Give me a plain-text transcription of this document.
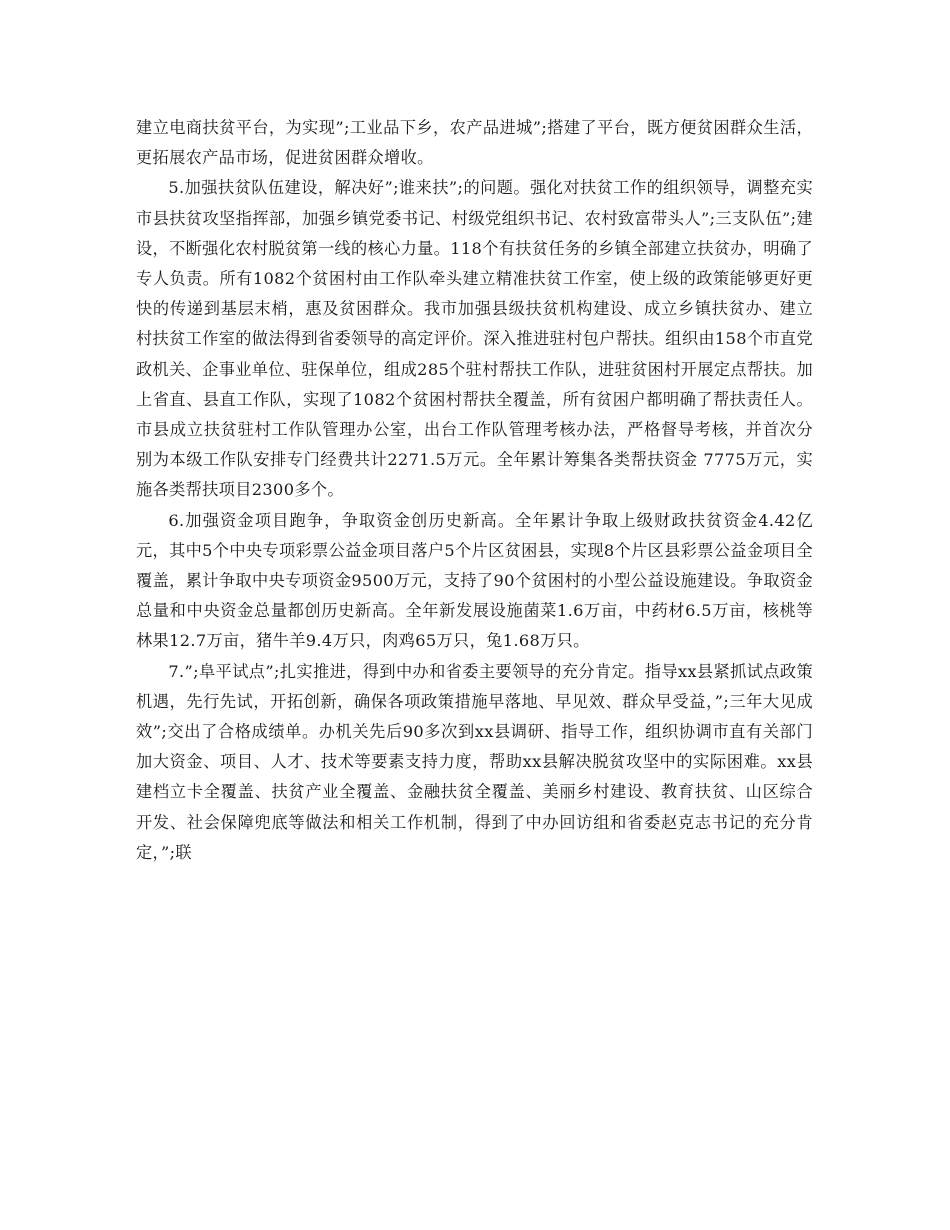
建立电商扶贫平台，为实现”;工业品下乡，农产品进城”;搭建了平台，既方便贫困群众生活，更拓展农产品市场，促进贫困群众增收。

5.加强扶贫队伍建设，解决好”;谁来扶”;的问题。强化对扶贫工作的组织领导，调整充实市县扶贫攻坚指挥部，加强乡镇党委书记、村级党组织书记、农村致富带头人”;三支队伍”;建设，不断强化农村脱贫第一线的核心力量。118个有扶贫任务的乡镇全部建立扶贫办，明确了专人负责。所有1082个贫困村由工作队牵头建立精准扶贫工作室，使上级的政策能够更好更快的传递到基层末梢，惠及贫困群众。我市加强县级扶贫机构建设、成立乡镇扶贫办、建立村扶贫工作室的做法得到省委领导的高定评价。深入推进驻村包户帮扶。组织由158个市直党政机关、企事业单位、驻保单位，组成285个驻村帮扶工作队，进驻贫困村开展定点帮扶。加上省直、县直工作队，实现了1082个贫困村帮扶全覆盖，所有贫困户都明确了帮扶责任人。市县成立扶贫驻村工作队管理办公室，出台工作队管理考核办法，严格督导考核，并首次分别为本级工作队安排专门经费共计2271.5万元。全年累计筹集各类帮扶资金 7775万元，实施各类帮扶项目2300多个。

6.加强资金项目跑争，争取资金创历史新高。全年累计争取上级财政扶贫资金4.42亿元，其中5个中央专项彩票公益金项目落户5个片区贫困县，实现8个片区县彩票公益金项目全覆盖，累计争取中央专项资金9500万元，支持了90个贫困村的小型公益设施建设。争取资金总量和中央资金总量都创历史新高。全年新发展设施菌菜1.6万亩，中药材6.5万亩，核桃等林果12.7万亩，猪牛羊9.4万只，肉鸡65万只，兔1.68万只。

7.”;阜平试点”;扎实推进，得到中办和省委主要领导的充分肯定。指导xx县紧抓试点政策机遇，先行先试，开拓创新，确保各项政策措施早落地、早见效、群众早受益，”;三年大见成效”;交出了合格成绩单。办机关先后90多次到xx县调研、指导工作，组织协调市直有关部门加大资金、项目、人才、技术等要素支持力度，帮助xx县解决脱贫攻坚中的实际困难。xx县建档立卡全覆盖、扶贫产业全覆盖、金融扶贫全覆盖、美丽乡村建设、教育扶贫、山区综合开发、社会保障兜底等做法和相关工作机制，得到了中办回访组和省委赵克志书记的充分肯定，”;联
